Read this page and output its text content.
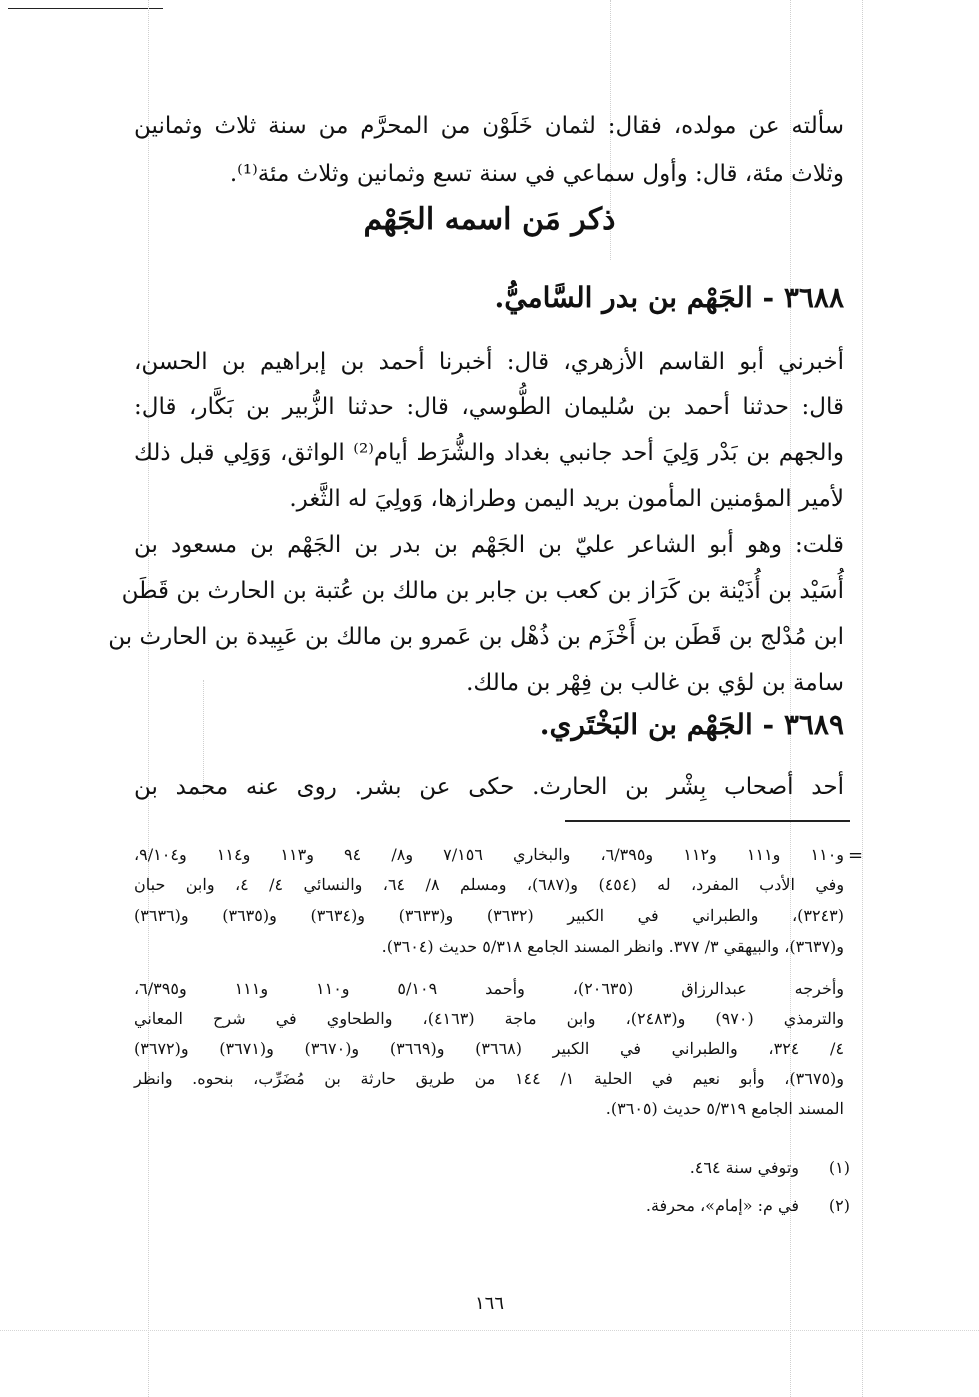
سألته عن مولده، فقال: لثمان خَلَوْن من المحرَّم من سنة ثلاث وثمانين
وثلاث مئة، قال: وأول سماعي في سنة تسع وثمانين وثلاث مئة⁽¹⁾.
ذكر مَن اسمه الجَهْم
٣٦٨٨ - الجَهْم بن بدر السَّاميُّ.
أخبرني أبو القاسم الأزهري، قال: أخبرنا أحمد بن إبراهيم بن الحسن،
قال: حدثنا أحمد بن سُليمان الطُّوسي، قال: حدثنا الزُّبير بن بَكَّار، قال:
والجهم بن بَدْر وَلِيَ أحد جانبي بغداد والشُّرَط أيام⁽²⁾ الواثق، وَوَلِي قبل ذلك
لأمير المؤمنين المأمون بريد اليمن وطرازها، وَولِيَ له الثَّغر.
قلت: وهو أبو الشاعر عليّ بن الجَهْم بن بدر بن الجَهْم بن مسعود بن
أُسَيْد بن أُذَيْنة بن كَرَاز بن كعب بن جابر بن مالك بن عُتبة بن الحارث بن قَطَن
ابن مُدْلج بن قَطَن بن أَخْزَم بن ذُهْل بن عَمرو بن مالك بن عَبِيدة بن الحارث بن
سامة بن لؤي بن غالب بن فِهْر بن مالك.
٣٦٨٩ - الجَهْم بن البَخْتَري.
أحد أصحاب بِشْر بن الحارث. حكى عن بشر. روى عنه محمد بن
=
و١١٠ و١١١ و١١٢ و٦/٣٩٥، والبخاري ٧/١٥٦ و٨/ ٩٤ و١١٣ و١١٤ و٩/١٠٤،
وفي الأدب المفرد، له (٤٥٤) و(٦٨٧)، ومسلم ٨/ ٦٤، والنسائي ٤/ ٤، وابن حبان
(٣٢٤٣)، والطبراني في الكبير (٣٦٣٢) و(٣٦٣٣) و(٣٦٣٤) و(٣٦٣٥) و(٣٦٣٦)
و(٣٦٣٧)، والبيهقي ٣/ ٣٧٧. وانظر المسند الجامع ٥/٣١٨ حديث (٣٦٠٤).
وأخرجه عبدالرزاق (٢٠٦٣٥)، وأحمد ٥/١٠٩ و١١٠ و١١١ و٦/٣٩٥،
والترمذي (٩٧٠) و(٢٤٨٣)، وابن ماجة (٤١٦٣)، والطحاوي في شرح المعاني
٤/ ٣٢٤، والطبراني في الكبير (٣٦٦٨) و(٣٦٦٩) و(٣٦٧٠) و(٣٦٧١) و(٣٦٧٢)
و(٣٦٧٥)، وأبو نعيم في الحلية ١/ ١٤٤ من طريق حارثة بن مُضَرِّب، بنحوه. وانظر
المسند الجامع ٥/٣١٩ حديث (٣٦٠٥).
(١)
وتوفي سنة ٤٦٤.
(٢)
في م: «إمام»، محرفة.
١٦٦
